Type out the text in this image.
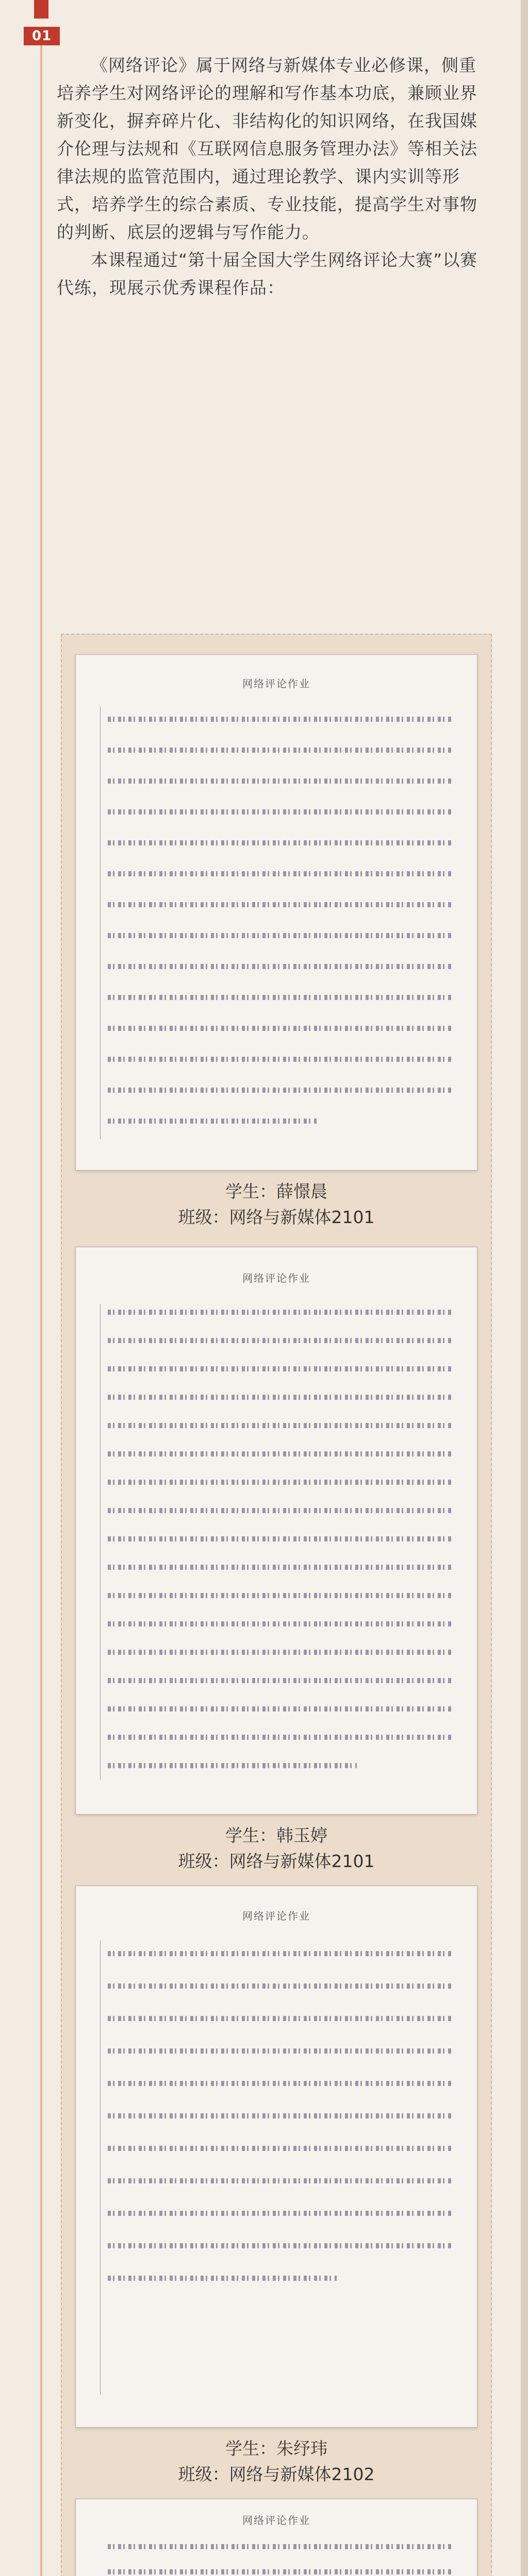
01

《网络评论》属于网络与新媒体专业必修课，侧重培养学生对网络评论的理解和写作基本功底，兼顾业界新变化，摒弃碎片化、非结构化的知识网络，在我国媒介伦理与法规和《互联网信息服务管理办法》等相关法律法规的监管范围内，通过理论教学、课内实训等形式，培养学生的综合素质、专业技能，提高学生对事物的判断、底层的逻辑与写作能力。

本课程通过“第十届全国大学生网络评论大赛”以赛代练，现展示优秀课程作品：

网络评论作业
学生：薛憬晨
班级：网络与新媒体2101
网络评论作业
学生：韩玉婷
班级：网络与新媒体2101
网络评论作业
学生：朱纾玮
班级：网络与新媒体2102
网络评论作业
